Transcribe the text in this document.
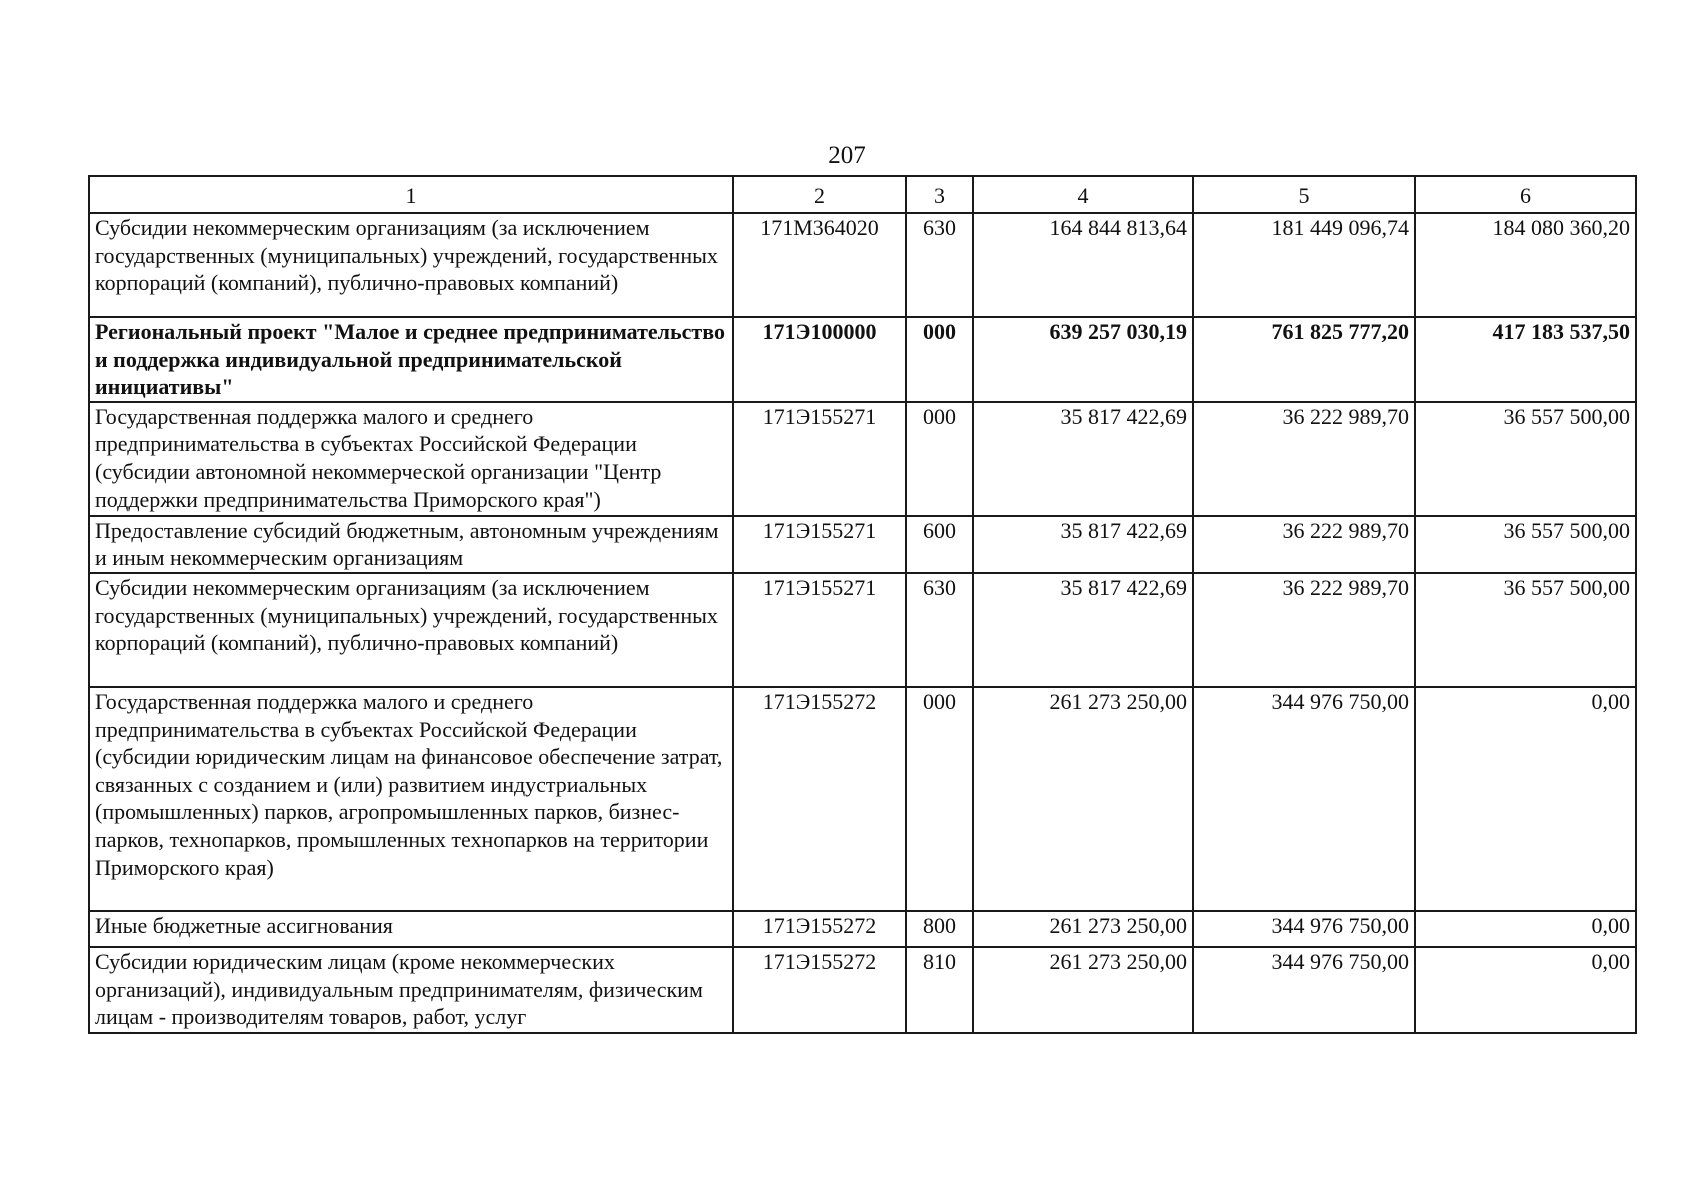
207
1	2	3	4	5	6
Субсидии некоммерческим организациям (за исключением государственных (муниципальных) учреждений, государственных корпораций (компаний), публично-правовых компаний)	171М364020	630	164 844 813,64	181 449 096,74	184 080 360,20
Региональный проект "Малое и среднее предпринимательство и поддержка индивидуальной предпринимательской инициативы"	171Э100000	000	639 257 030,19	761 825 777,20	417 183 537,50
Государственная поддержка малого и среднего предпринимательства в субъектах Российской Федерации (субсидии автономной некоммерческой организации "Центр поддержки предпринимательства Приморского края")	171Э155271	000	35 817 422,69	36 222 989,70	36 557 500,00
Предоставление субсидий бюджетным, автономным учреждениям и иным некоммерческим организациям	171Э155271	600	35 817 422,69	36 222 989,70	36 557 500,00
Субсидии некоммерческим организациям (за исключением государственных (муниципальных) учреждений, государственных корпораций (компаний), публично-правовых компаний)	171Э155271	630	35 817 422,69	36 222 989,70	36 557 500,00
Государственная поддержка малого и среднего предпринимательства в субъектах Российской Федерации (субсидии юридическим лицам на финансовое обеспечение затрат, связанных с созданием и (или) развитием индустриальных (промышленных) парков, агропромышленных парков, бизнес-парков, технопарков, промышленных технопарков на территории Приморского края)	171Э155272	000	261 273 250,00	344 976 750,00	0,00
Иные бюджетные ассигнования	171Э155272	800	261 273 250,00	344 976 750,00	0,00
Субсидии юридическим лицам (кроме некоммерческих организаций), индивидуальным предпринимателям, физическим лицам - производителям товаров, работ, услуг	171Э155272	810	261 273 250,00	344 976 750,00	0,00
